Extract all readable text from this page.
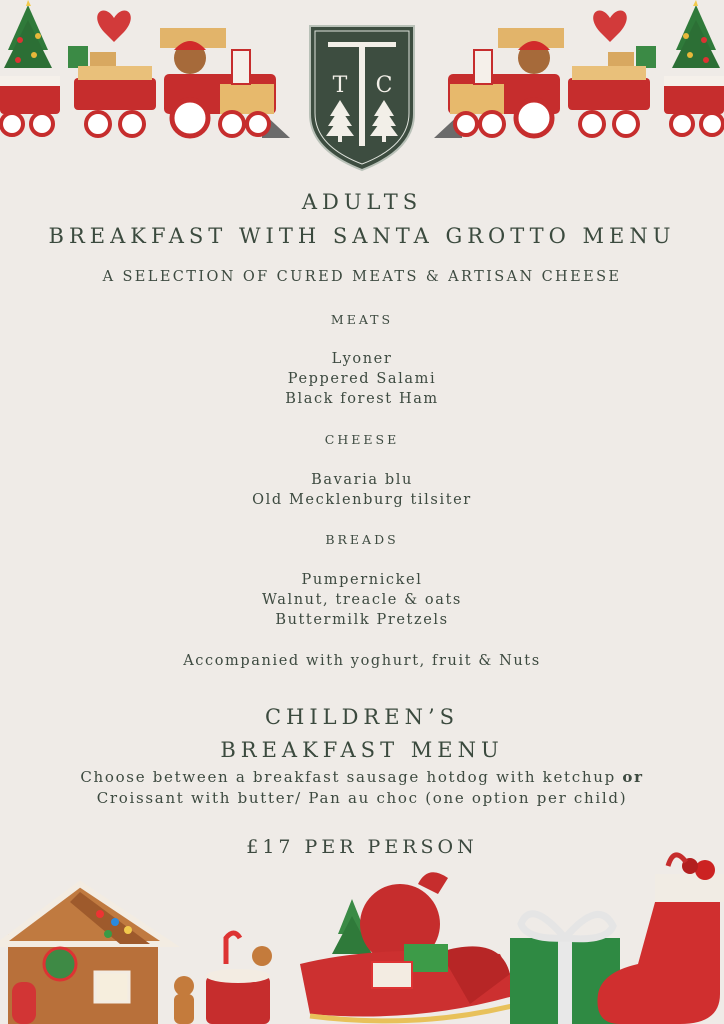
T C
ADULTS
BREAKFAST WITH SANTA GROTTO MENU
A SELECTION OF CURED MEATS & ARTISAN CHEESE
MEATS
Lyoner
Peppered Salami
Black forest Ham
CHEESE
Bavaria blu
Old Mecklenburg tilsiter
BREADS
Pumpernickel
Walnut, treacle & oats
Buttermilk Pretzels
Accompanied with yoghurt, fruit & Nuts
CHILDREN’S
BREAKFAST MENU
Choose between a breakfast sausage hotdog with ketchup or
Croissant with butter/ Pan au choc (one option per child)
£17 PER PERSON
